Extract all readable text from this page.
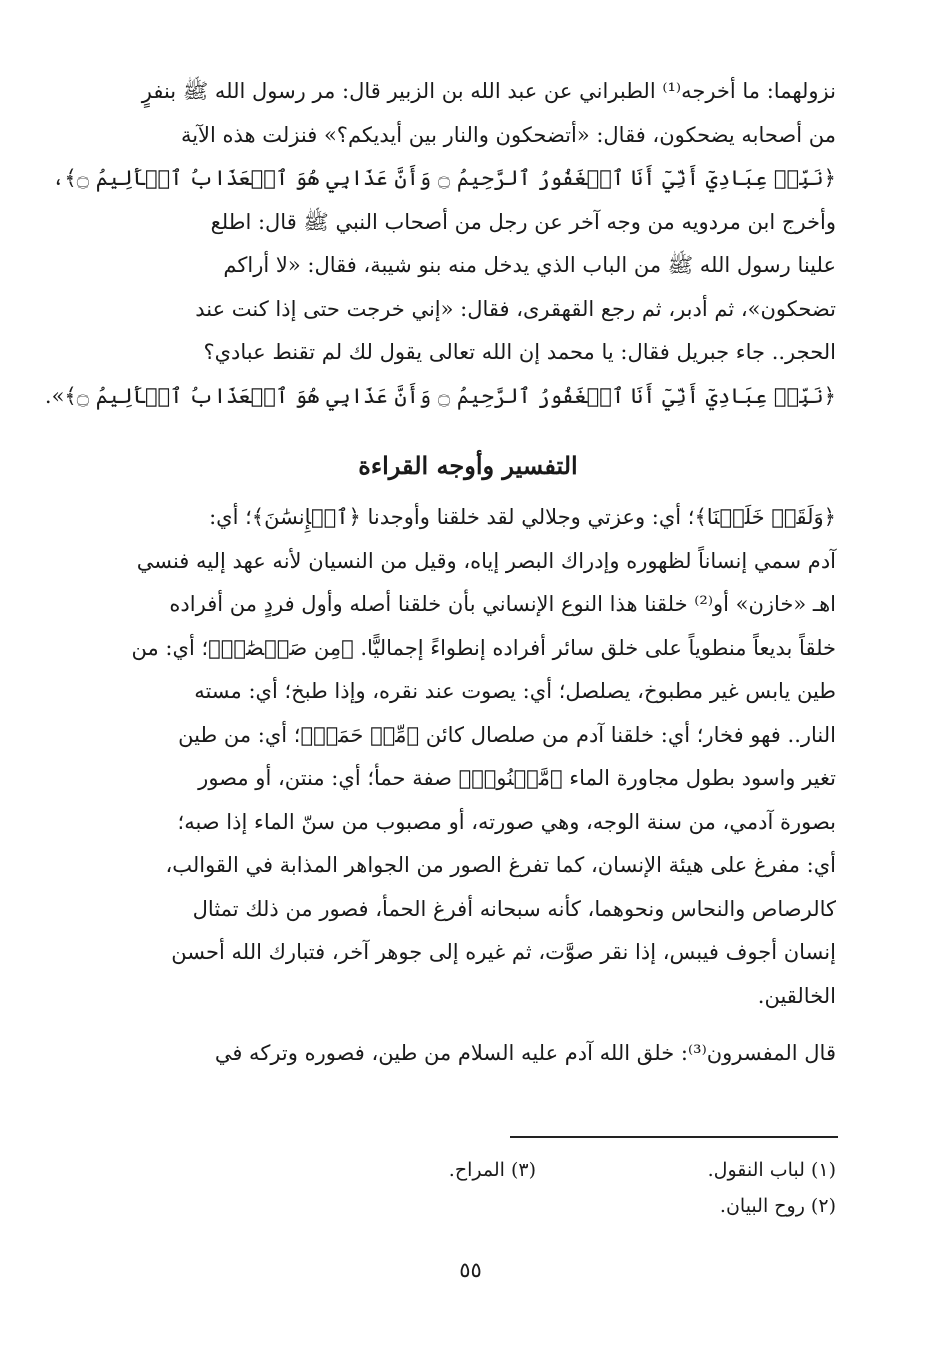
نزولهما: ما أخرجه⁽¹⁾ الطبراني عن عبد الله بن الزبير قال: مر رسول الله ﷺ بنفرٍ
من أصحابه يضحكون، فقال: «أتضحكون والنار بين أيديكم؟» فنزلت هذه الآية
﴿نَبِّئۡ عِبَادِيٓ أَنِّيٓ أَنَا ٱلۡغَفُورُ ٱلرَّحِيمُ ۝ وَأَنَّ عَذَابِي هُوَ ٱلۡعَذَابُ ٱلۡأَلِيمُ ۝﴾،
وأخرج ابن مردويه من وجه آخر عن رجل من أصحاب النبي ﷺ قال: اطلع
علينا رسول الله ﷺ من الباب الذي يدخل منه بنو شيبة، فقال: «لا أراكم
تضحكون»، ثم أدبر، ثم رجع القهقرى، فقال: «إني خرجت حتى إذا كنت عند
الحجر.. جاء جبريل فقال: يا محمد إن الله تعالى يقول لك لم تقنط عبادي؟
﴿نَبِّئۡ عِبَادِيٓ أَنِّيٓ أَنَا ٱلۡغَفُورُ ٱلرَّحِيمُ ۝ وَأَنَّ عَذَابِي هُوَ ٱلۡعَذَابُ ٱلۡأَلِيمُ ۝﴾».

التفسير وأوجه القراءة

﴿وَلَقَدۡ خَلَقۡنَا﴾؛ أي: وعزتي وجلالي لقد خلقنا وأوجدنا ﴿ٱلۡإِنسَٰنَ﴾؛ أي:
آدم سمي إنساناً لظهوره وإدراك البصر إياه، وقيل من النسيان لأنه عهد إليه فنسي
اهـ «خازن» أو⁽²⁾ خلقنا هذا النوع الإنساني بأن خلقنا أصله وأول فردٍ من أفراده
خلقاً بديعاً منطوياً على خلق سائر أفراده إنطواءً إجماليًّا. ﴿مِن صَلۡصَٰلٖ﴾؛ أي: من
طين يابس غير مطبوخ، يصلصل؛ أي: يصوت عند نقره، وإذا طبخ؛ أي: مسته
النار.. فهو فخار؛ أي: خلقنا آدم من صلصال كائن ﴿مِّنۡ حَمَإٖ﴾؛ أي: من طين
تغير واسود بطول مجاورة الماء ﴿مَّسۡنُونٖ﴾ صفة حمأ؛ أي: منتن، أو مصور
بصورة آدمي، من سنة الوجه، وهي صورته، أو مصبوب من سنّ الماء إذا صبه؛
أي: مفرغ على هيئة الإنسان، كما تفرغ الصور من الجواهر المذابة في القوالب،
كالرصاص والنحاس ونحوهما، كأنه سبحانه أفرغ الحمأ، فصور من ذلك تمثال
إنسان أجوف فيبس، إذا نقر صوَّت، ثم غيره إلى جوهر آخر، فتبارك الله أحسن
الخالقين.

قال المفسرون⁽³⁾: خلق الله آدم عليه السلام من طين، فصوره وتركه في

(١) لباب النقول.
(٣) المراح.
(٢) روح البيان.
٥٥
